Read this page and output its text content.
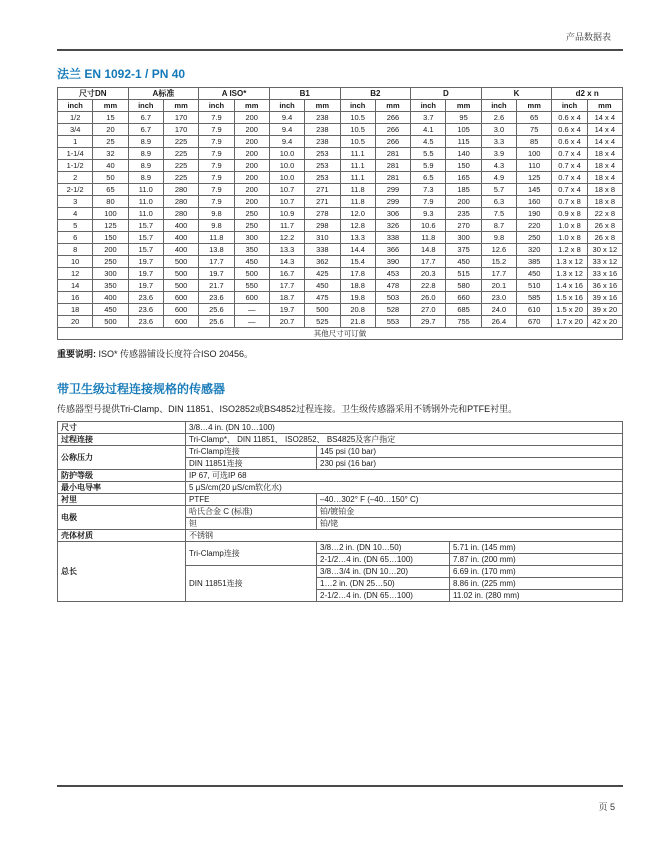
产品数据表
法兰 EN 1092-1 / PN 40
尺寸DN		A标准		A ISO*		B1		B2		D		K		d2 x n	
inch	mm	inch	mm	inch	mm	inch	mm	inch	mm	inch	mm	inch	mm	inch	mm
1/2	15	6.7	170	7.9	200	9.4	238	10.5	266	3.7	95	2.6	65	0.6 x 4	14 x 4
3/4	20	6.7	170	7.9	200	9.4	238	10.5	266	4.1	105	3.0	75	0.6 x 4	14 x 4
1	25	8.9	225	7.9	200	9.4	238	10.5	266	4.5	115	3.3	85	0.6 x 4	14 x 4
1-1/4	32	8.9	225	7.9	200	10.0	253	11.1	281	5.5	140	3.9	100	0.7 x 4	18 x 4
1-1/2	40	8.9	225	7.9	200	10.0	253	11.1	281	5.9	150	4.3	110	0.7 x 4	18 x 4
2	50	8.9	225	7.9	200	10.0	253	11.1	281	6.5	165	4.9	125	0.7 x 4	18 x 4
2-1/2	65	11.0	280	7.9	200	10.7	271	11.8	299	7.3	185	5.7	145	0.7 x 4	18 x 8
3	80	11.0	280	7.9	200	10.7	271	11.8	299	7.9	200	6.3	160	0.7 x 8	18 x 8
4	100	11.0	280	9.8	250	10.9	278	12.0	306	9.3	235	7.5	190	0.9 x 8	22 x 8
5	125	15.7	400	9.8	250	11.7	298	12.8	326	10.6	270	8.7	220	1.0 x 8	26 x 8
6	150	15.7	400	11.8	300	12.2	310	13.3	338	11.8	300	9.8	250	1.0 x 8	26 x 8
8	200	15.7	400	13.8	350	13.3	338	14.4	366	14.8	375	12.6	320	1.2 x 8	30 x 12
10	250	19.7	500	17.7	450	14.3	362	15.4	390	17.7	450	15.2	385	1.3 x 12	33 x 12
12	300	19.7	500	19.7	500	16.7	425	17.8	453	20.3	515	17.7	450	1.3 x 12	33 x 16
14	350	19.7	500	21.7	550	17.7	450	18.8	478	22.8	580	20.1	510	1.4 x 16	36 x 16
16	400	23.6	600	23.6	600	18.7	475	19.8	503	26.0	660	23.0	585	1.5 x 16	39 x 16
18	450	23.6	600	25.6	—	19.7	500	20.8	528	27.0	685	24.0	610	1.5 x 20	39 x 20
20	500	23.6	600	25.6	—	20.7	525	21.8	553	29.7	755	26.4	670	1.7 x 20	42 x 20
其他尺寸可订做															
重要说明: ISO* 传感器铺设长度符合ISO 20456。
带卫生级过程连接规格的传感器
传感器型号提供Tri-Clamp、DIN 11851、ISO2852或BS4852过程连接。卫生级传感器采用不锈钢外壳和PTFE衬里。
尺寸	3/8…4 in. (DN 10…100)		
过程连接	Tri-Clamp*、 DIN 11851、 ISO2852、 BS4825及客户指定		
公称压力	Tri-Clamp连接	145 psi (10 bar)	
	DIN 11851连接	230 psi (16 bar)	
防护等级	IP 67, 可选IP 68		
最小电导率	5 μS/cm(20 μS/cm软化水)		
衬里	PTFE	–40…302° F (–40…150° C)	
电极	哈氏合金 C (标准)	铂/镀铂金	
	钽	铂/铑	
壳体材质	不锈钢		
总长	Tri-Clamp连接	3/8…2 in. (DN 10…50)	5.71 in. (145 mm)
		2-1/2…4 in. (DN 65…100)	7.87 in. (200 mm)
	DIN 11851连接	3/8…3/4 in. (DN 10…20)	6.69 in. (170 mm)
		1…2 in. (DN 25…50)	8.86 in. (225 mm)
		2-1/2…4 in. (DN 65…100)	11.02 in. (280 mm)
页 5
